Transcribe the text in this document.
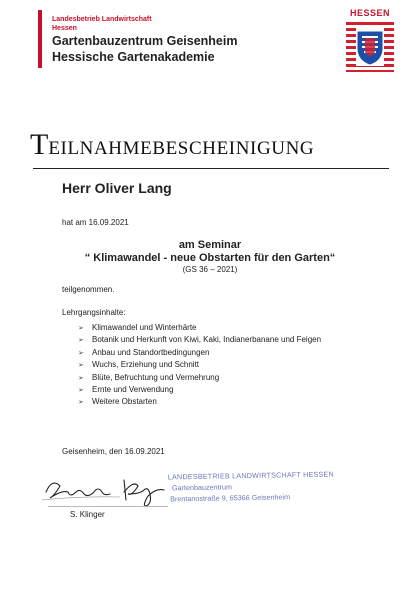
Landesbetrieb Landwirtschaft
Hessen
Gartenbauzentrum Geisenheim
Hessische Gartenakademie
HESSEN
TEILNAHMEBESCHEINIGUNG
Herr Oliver Lang
hat am 16.09.2021
am Seminar
“ Klimawandel - neue Obstarten für den Garten“
(GS 36 – 2021)
teilgenommen.
Lehrgangsinhalte:
➢ Klimawandel und Winterhärte
➢ Botanik und Herkunft von Kiwi, Kaki, Indianerbanane und Feigen
➢ Anbau und Standortbedingungen
➢ Wuchs, Erziehung und Schnitt
➢ Blüte, Befruchtung und Vermehrung
➢ Ernte und Verwendung
➢ Weitere Obstarten
Geisenheim, den 16.09.2021
S. Klinger
LANDESBETRIEB LANDWIRTSCHAFT HESSEN
Gartenbauzentrum
Brentanostraße 9, 65366 Geisenheim
